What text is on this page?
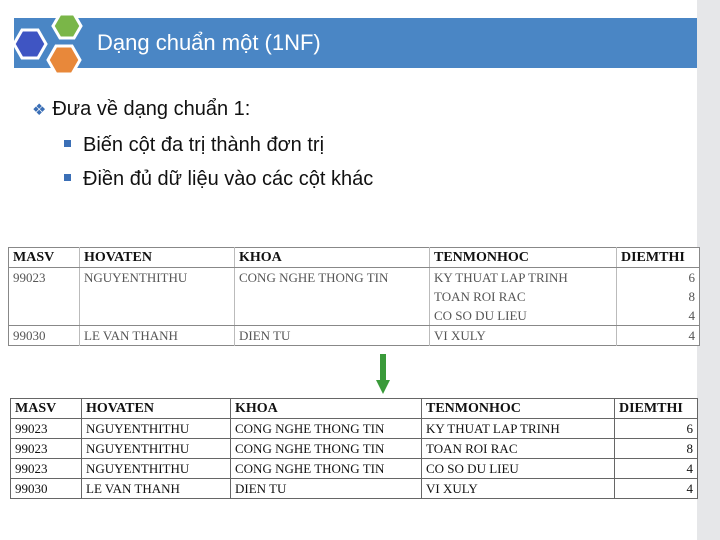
Dạng chuẩn một (1NF)
❖ Đưa về dạng chuẩn 1:
Biến cột đa trị thành đơn trị
Điền đủ dữ liệu vào các cột khác
MASV	HOVATEN	KHOA	TENMONHOC	DIEMTHI
99023	NGUYENTHITHU	CONG NGHE THONG TIN	KY THUAT LAP TRINH	6
			TOAN ROI RAC	8
			CO SO DU LIEU	4
99030	LE VAN THANH	DIEN TU	VI XULY	4
MASV	HOVATEN	KHOA	TENMONHOC	DIEMTHI
99023	NGUYENTHITHU	CONG NGHE THONG TIN	KY THUAT LAP TRINH	6
99023	NGUYENTHITHU	CONG NGHE THONG TIN	TOAN ROI RAC	8
99023	NGUYENTHITHU	CONG NGHE THONG TIN	CO SO DU LIEU	4
99030	LE VAN THANH	DIEN TU	VI XULY	4
